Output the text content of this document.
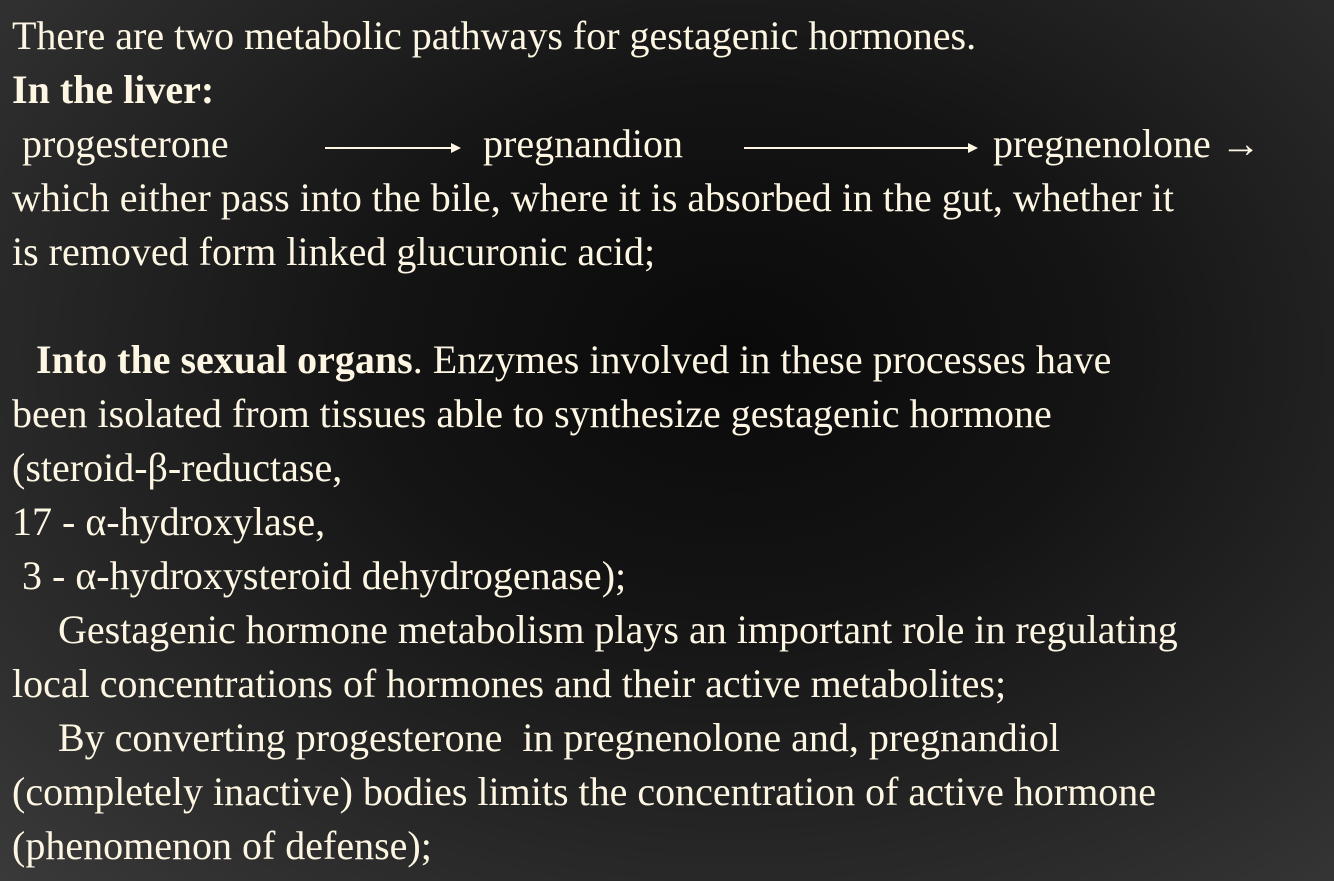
There are two metabolic pathways for gestagenic hormones.
In the liver:
progesterone	pregnandion	pregnenolone →
which either pass into the bile, where it is absorbed in the gut, whether it
is removed form linked glucuronic acid;
Into the sexual organs. Enzymes involved in these processes have
been isolated from tissues able to synthesize gestagenic hormone
(steroid-β-reductase,
17 - α-hydroxylase,
3 - α-hydroxysteroid dehydrogenase);
Gestagenic hormone metabolism plays an important role in regulating
local concentrations of hormones and their active metabolites;
By converting progesterone  in pregnenolone and, pregnandiol
(completely inactive) bodies limits the concentration of active hormone
(phenomenon of defense);
